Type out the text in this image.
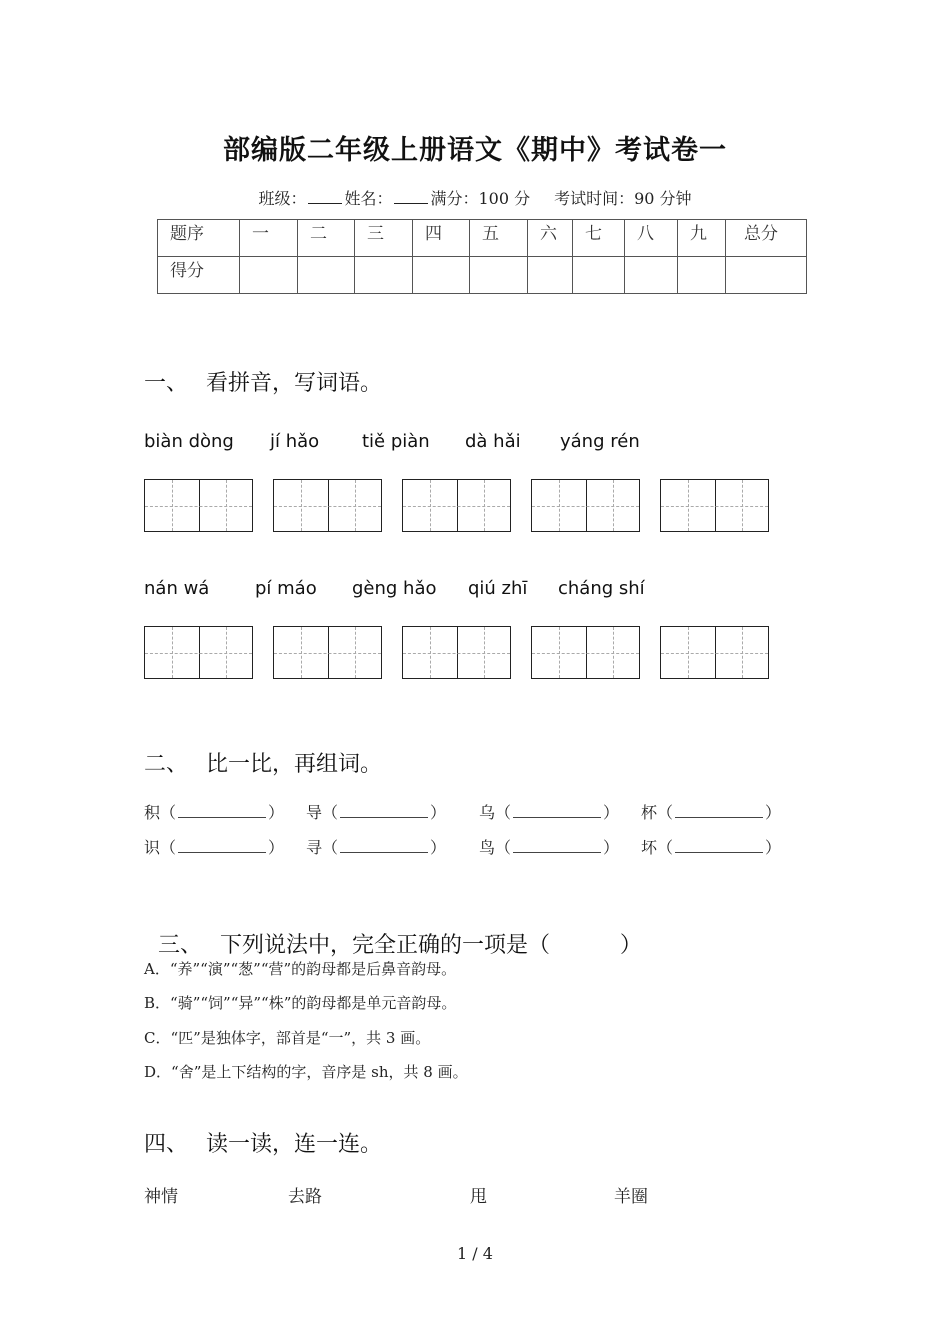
部编版二年级上册语文《期中》考试卷一
班级： 姓名： 满分：100 分 考试时间：90 分钟
题序	一	二	三	四	五	六	七	八	九	总分
得分										
一、 看拼音，写词语。
biàn dòng jí hǎo tiě piàn dà hǎi yáng rén
nán wá	pí máo gèng hǎo qiú zhī cháng shí
二、 比一比，再组词。
积（	） 导（	） 乌（	） 杯（	）
识（	） 寻（	） 鸟（	） 坏（	）

三、 下列说法中，完全正确的一项是（          ）

A．“养”“演”“葱”“营”的韵母都是后鼻音韵母。
B．“骑”“饲”“异”“株”的韵母都是单元音韵母。
C．“匹”是独体字，部首是“一”，共 3 画。
D．“舍”是上下结构的字，音序是 sh，共 8 画。
四、 读一读，连一连。
神情	去路	甩	羊圈
1 / 4
